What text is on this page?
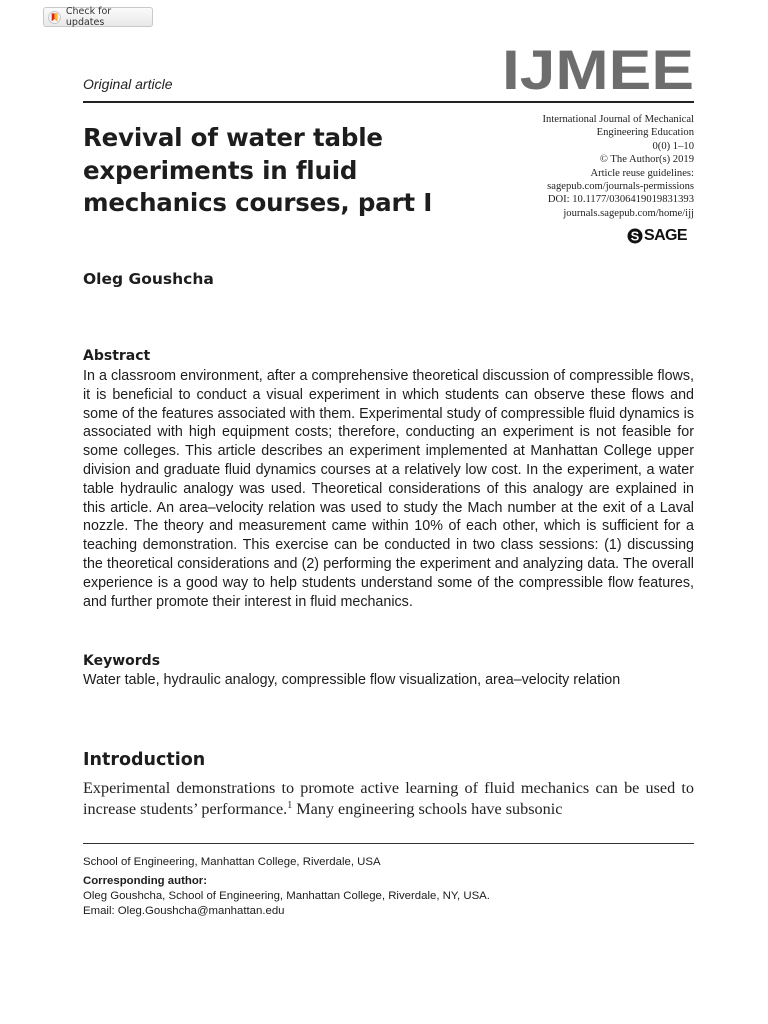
Check for updates
Original article	IJMEE
International Journal of Mechanical
Engineering Education
0(0) 1–10
© The Author(s) 2019
Article reuse guidelines:
sagepub.com/journals-permissions
DOI: 10.1177/0306419019831393
journals.sagepub.com/home/ijj
S SAGE
Revival of water table experiments in fluid mechanics courses, part I
Oleg Goushcha
Abstract
In a classroom environment, after a comprehensive theoretical discussion of compressible flows, it is beneficial to conduct a visual experiment in which students can observe these flows and some of the features associated with them. Experimental study of compressible fluid dynamics is associated with high equipment costs; therefore, conducting an experiment is not feasible for some colleges. This article describes an experiment implemented at Manhattan College upper division and graduate fluid dynamics courses at a relatively low cost. In the experiment, a water table hydraulic analogy was used. Theoretical considerations of this analogy are explained in this article. An area–velocity relation was used to study the Mach number at the exit of a Laval nozzle. The theory and measurement came within 10% of each other, which is sufficient for a teaching demonstration. This exercise can be conducted in two class sessions: (1) discussing the theoretical considerations and (2) performing the experiment and analyzing data. The overall experience is a good way to help students understand some of the compressible flow features, and further promote their interest in fluid mechanics.
Keywords
Water table, hydraulic analogy, compressible flow visualization, area–velocity relation
Introduction
Experimental demonstrations to promote active learning of fluid mechanics can be used to increase students’ performance.$^1$ Many engineering schools have subsonic
School of Engineering, Manhattan College, Riverdale, USA
Corresponding author:
Oleg Goushcha, School of Engineering, Manhattan College, Riverdale, NY, USA.
Email: Oleg.Goushcha@manhattan.edu
